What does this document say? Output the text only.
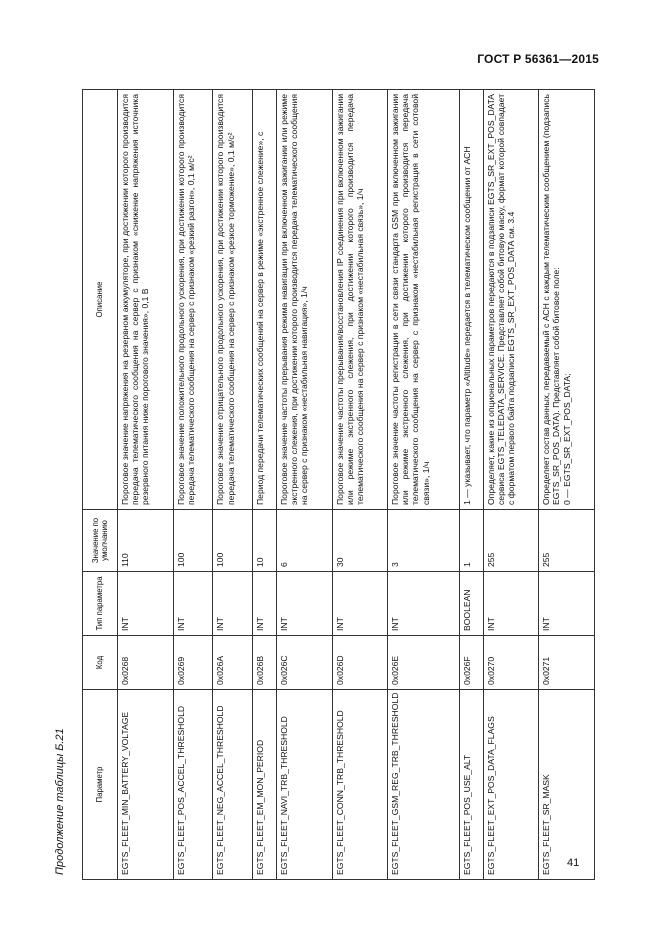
ГОСТ Р 56361—2015
Продолжение таблицы Б.21	Параметр	Код	Тип параметра	Значение по умолчанию	Описание
EGTS_FLEET_MIN_BATTERY_VOLTAGE	0x0268	INT	110	Пороговое значение напряжения на резервном аккумуляторе, при достижении которого производится передача телематического сообщения на сервер с признаком «снижение напряжения источника резервного питания ниже порогового значения», 0,1 В
EGTS_FLEET_POS_ACCEL_THRESHOLD	0x0269	INT	100	Пороговое значение положительного продольного ускорения, при достижении которого производится передача телематического сообщения на сервер с признаком «резкий разгон», 0,1 м/с²
EGTS_FLEET_NEG_ACCEL_THRESHOLD	0x026A	INT	100	Пороговое значение отрицательного продольного ускорения, при достижении которого производится передача телематического сообщения на сервер с признаком «резкое торможение», 0,1 м/с²
EGTS_FLEET_EM_MON_PERIOD	0x026B	INT	10	Период передачи телематических сообщений на сервер в режиме «экстренное слежение», с
EGTS_FLEET_NAVI_TRB_THRESHOLD	0x026C	INT	6	Пороговое значение частоты прерывания режима навигации при включенном зажигании или режиме экстренного слежения, при достижении которого производится передача телематического сообщения на сервер с признаком «нестабильная навигация», 1/ч
EGTS_FLEET_CONN_TRB_THRESHOLD	0x026D	INT	30	Пороговое значение частоты прерывания/восстановления IP соединения при включенном зажигании или режиме экстренного слежения, при достижении которого производится передача телематического сообщения на сервер с признаком «нестабильная связь», 1/ч
EGTS_FLEET_GSM_REG_TRB_THRESHOLD	0x026E	INT	3	Пороговое значение частоты регистрации в сети связи стандарта GSM при включенном зажигании или режиме экстренного слежения, при достижении которого производится передача телематического сообщения на сервер с признаком «нестабильная регистрация в сети сотовой связи», 1/ч
EGTS_FLEET_POS_USE_ALT	0x026F	BOOLEAN	1	1 — указывает, что параметр «Altitude» передается в телематическом сообщении от АСН
EGTS_FLEET_EXT_POS_DATA_FLAGS	0x0270	INT	255	Определяет, какие из опциональных параметров передаются в подзаписи EGTS_SR_EXT_POS_DATA сервиса EGTS_TELEDATA_SERVICE. Представляет собой битовую маску, формат которой совпадает с форматом первого байта подзаписи EGTS_SR_EXT_POS_DATA см. 3.4
EGTS_FLEET_SR_MASK	0x0271	INT	255	Определяет состав данных, передаваемый с АСН с каждым телематическим сообщением (подзапись EGTS_SR_POS_DATA). Представляет собой битовое поле: 0 — EGTS_SR_EXT_POS_DATA;
41
